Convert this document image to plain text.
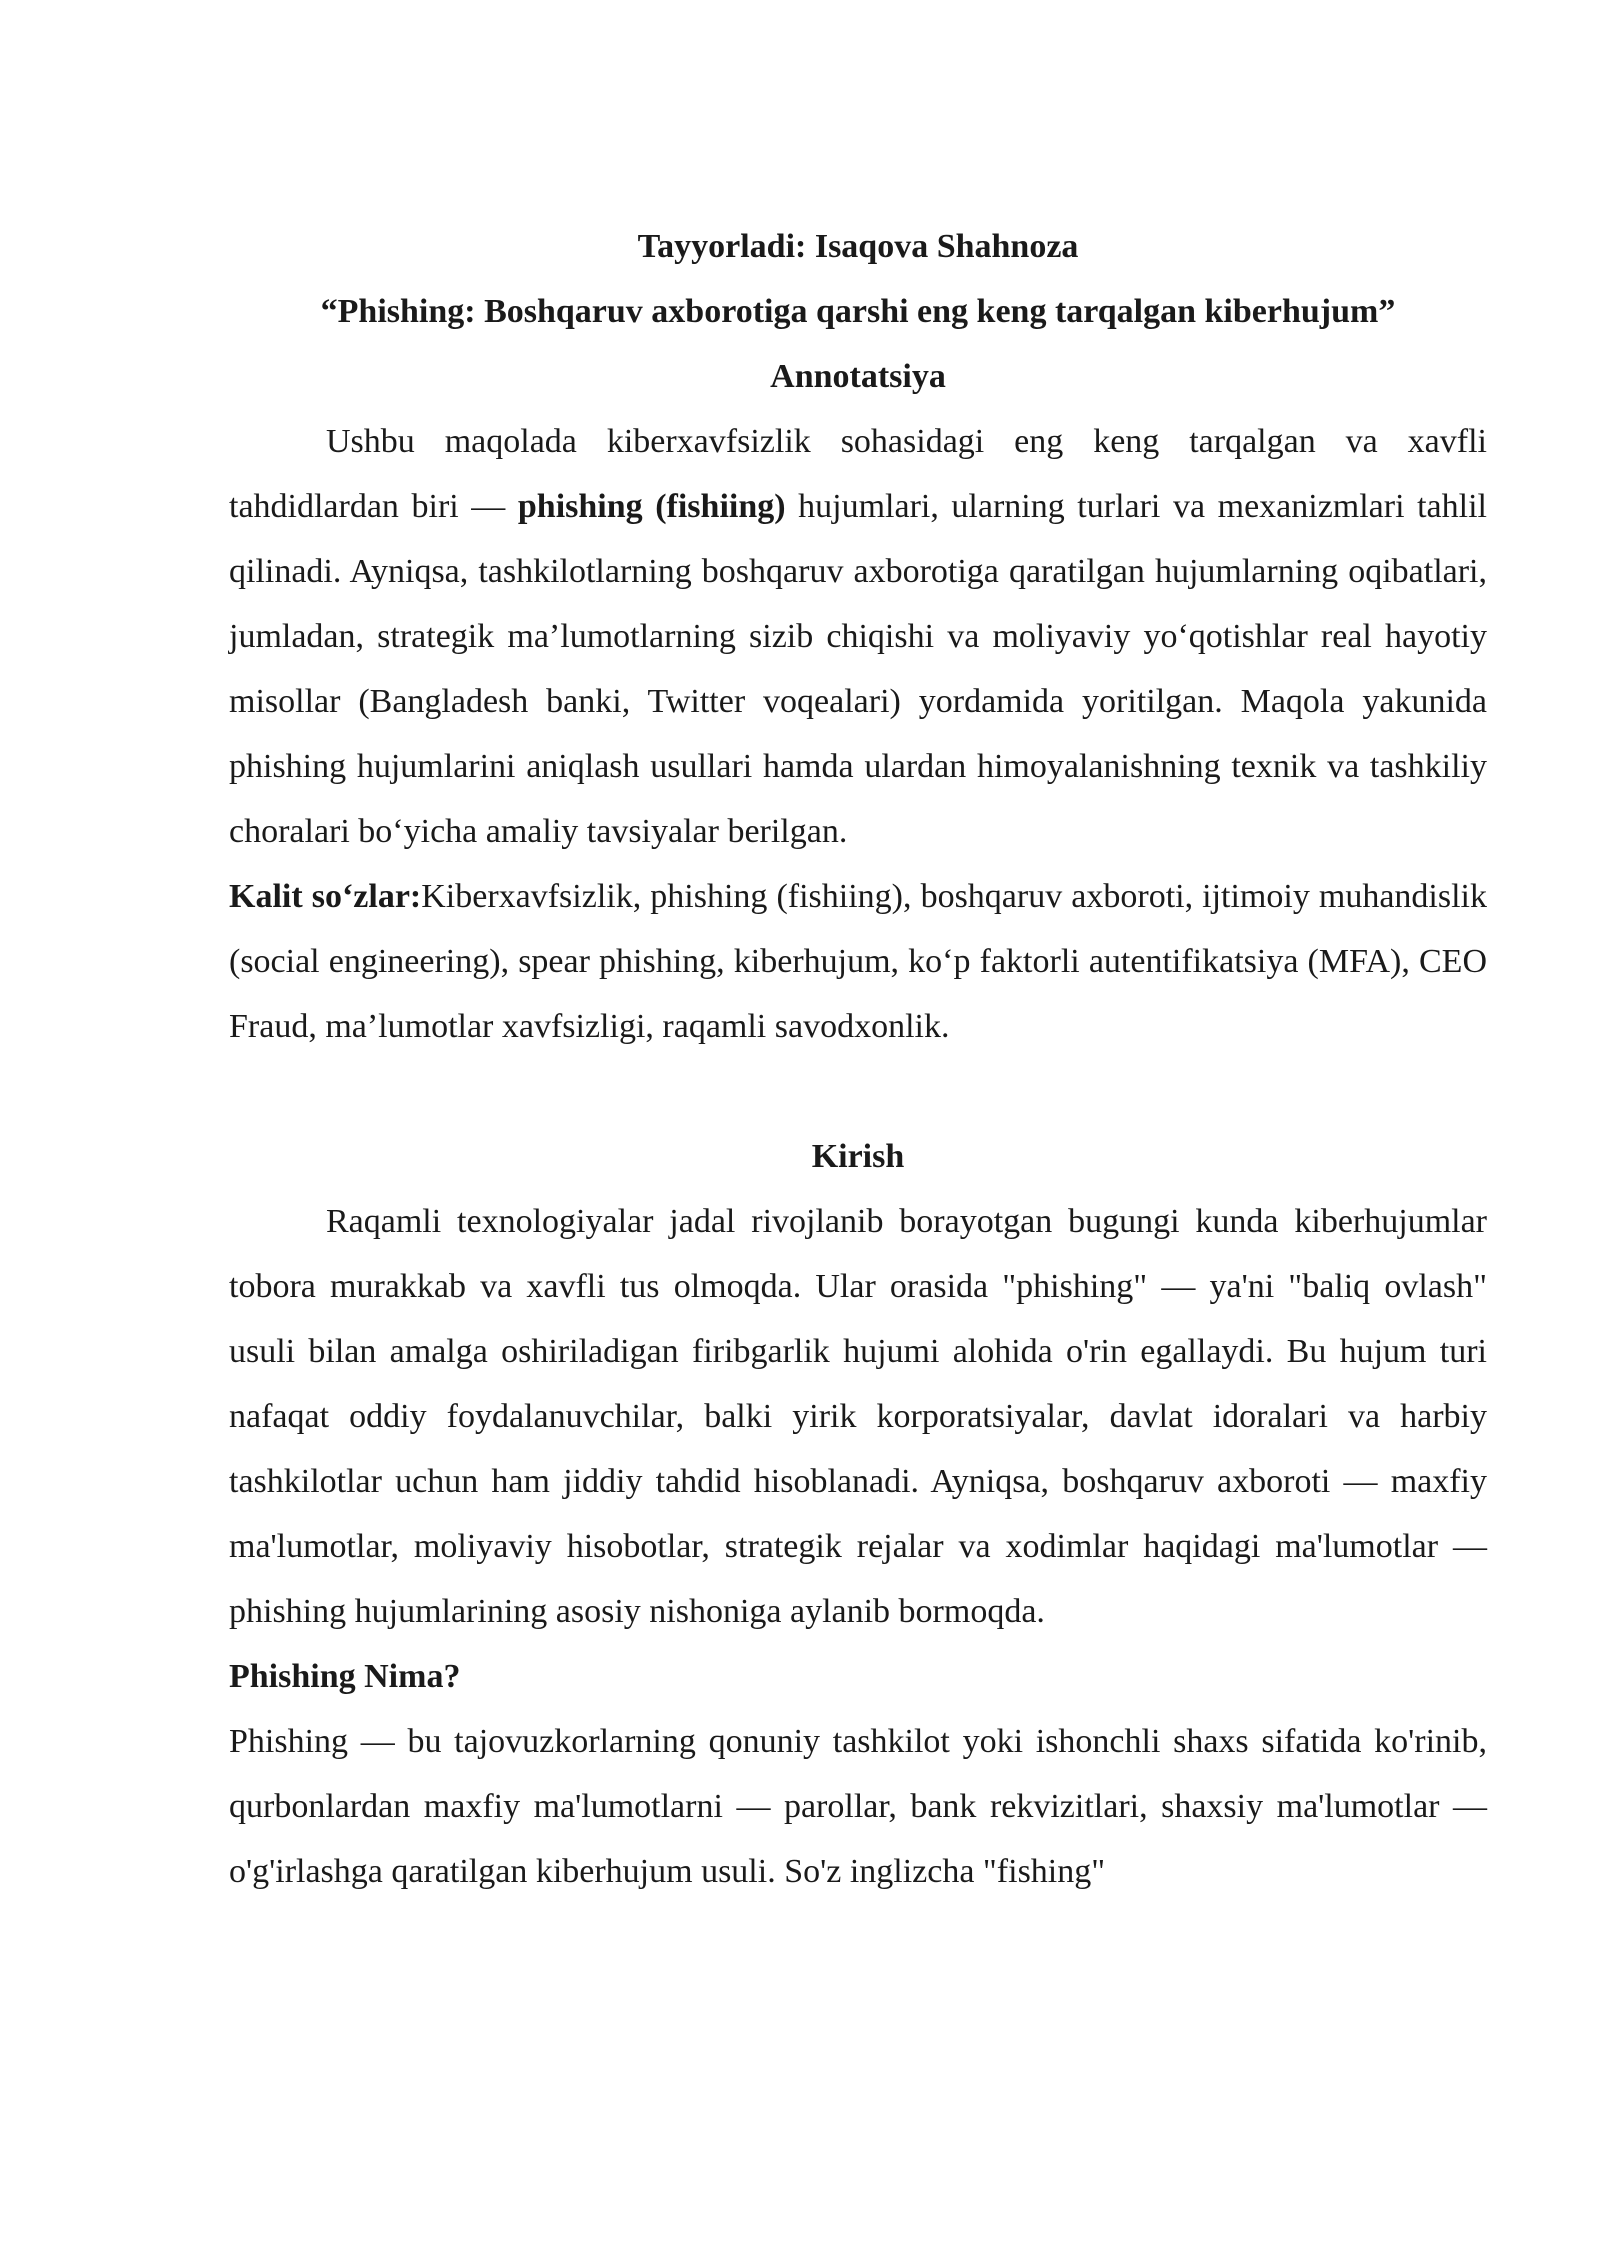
Tayyorladi: Isaqova Shahnoza

“Phishing: Boshqaruv axborotiga qarshi eng keng tarqalgan kiberhujum”

Annotatsiya

Ushbu maqolada kiberxavfsizlik sohasidagi eng keng tarqalgan va xavfli tahdidlardan biri — phishing (fishiing) hujumlari, ularning turlari va mexanizmlari tahlil qilinadi. Ayniqsa, tashkilotlarning boshqaruv axborotiga qaratilgan hujumlarning oqibatlari, jumladan, strategik ma’lumotlarning sizib chiqishi va moliyaviy yo‘qotishlar real hayotiy misollar (Bangladesh banki, Twitter voqealari) yordamida yoritilgan. Maqola yakunida phishing hujumlarini aniqlash usullari hamda ulardan himoyalanishning texnik va tashkiliy choralari bo‘yicha amaliy tavsiyalar berilgan.

Kalit so‘zlar:Kiberxavfsizlik, phishing (fishiing), boshqaruv axboroti, ijtimoiy muhandislik (social engineering), spear phishing, kiberhujum, ko‘p faktorli autentifikatsiya (MFA), CEO Fraud, ma’lumotlar xavfsizligi, raqamli savodxonlik.

Kirish

Raqamli texnologiyalar jadal rivojlanib borayotgan bugungi kunda kiberhujumlar tobora murakkab va xavfli tus olmoqda. Ular orasida "phishing" — ya'ni "baliq ovlash" usuli bilan amalga oshiriladigan firibgarlik hujumi alohida o'rin egallaydi. Bu hujum turi nafaqat oddiy foydalanuvchilar, balki yirik korporatsiyalar, davlat idoralari va harbiy tashkilotlar uchun ham jiddiy tahdid hisoblanadi. Ayniqsa, boshqaruv axboroti — maxfiy ma'lumotlar, moliyaviy hisobotlar, strategik rejalar va xodimlar haqidagi ma'lumotlar — phishing hujumlarining asosiy nishoniga aylanib bormoqda.

Phishing Nima?

Phishing — bu tajovuzkorlarning qonuniy tashkilot yoki ishonchli shaxs sifatida ko'rinib, qurbonlardan maxfiy ma'lumotlarni — parollar, bank rekvizitlari, shaxsiy ma'lumotlar — o'g'irlashga qaratilgan kiberhujum usuli. So'z inglizcha "fishing"
